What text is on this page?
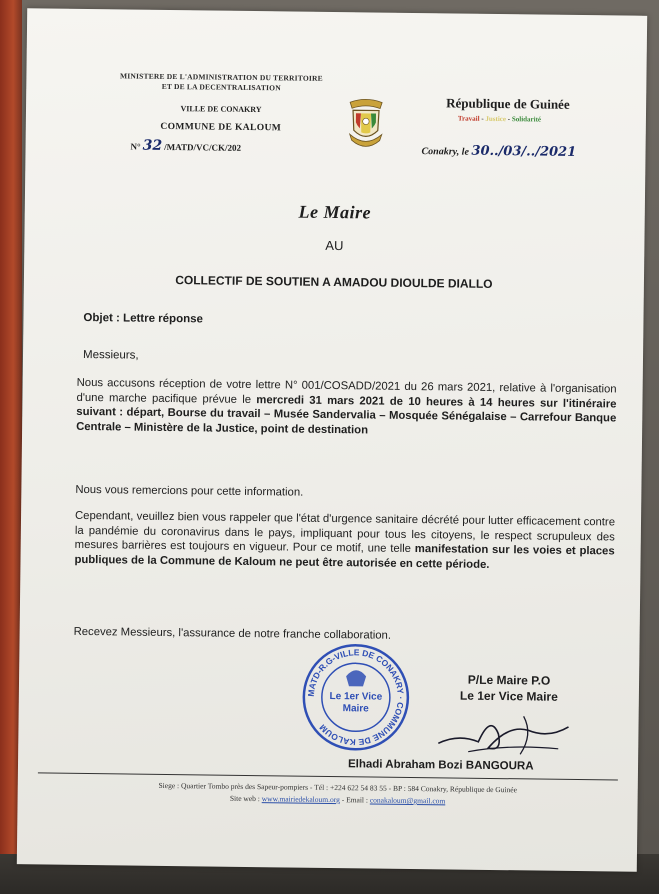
MINISTERE DE L'ADMINISTRATION DU TERRITOIRE
ET DE LA DECENTRALISATION
VILLE DE CONAKRY
COMMUNE DE KALOUM
N° 32 /MATD/VC/CK/202
République de Guinée
Travail - Justice - Solidarité
Conakry, le 30../03/../2021
Le Maire
AU
COLLECTIF DE SOUTIEN A AMADOU DIOULDE DIALLO
Objet : Lettre réponse
Messieurs,
Nous accusons réception de votre lettre N° 001/COSADD/2021 du 26 mars 2021, relative à l'organisation d'une marche pacifique prévue le mercredi 31 mars 2021 de 10 heures à 14 heures sur l'itinéraire suivant : départ, Bourse du travail – Musée Sandervalia – Mosquée Sénégalaise – Carrefour Banque Centrale – Ministère de la Justice, point de destination
Nous vous remercions pour cette information.
Cependant, veuillez bien vous rappeler que l'état d'urgence sanitaire décrété pour lutter efficacement contre la pandémie du coronavirus dans le pays, impliquant pour tous les citoyens, le respect scrupuleux des mesures barrières est toujours en vigueur. Pour ce motif, une telle manifestation sur les voies et places publiques de la Commune de Kaloum ne peut être autorisée en cette période.
Recevez Messieurs, l'assurance de notre franche collaboration.
MATD-R.G-VILLE DE CONAKRY · COMMUNE DE KALOUM
Le 1er Vice
Maire
P/Le Maire P.O
Le 1er Vice Maire
Elhadi Abraham Bozi BANGOURA
Siege : Quartier Tombo près des Sapeur-pompiers - Tél : +224 622 54 83 55 - BP : 584 Conakry, République de Guinée
Site web : www.mairiedekaloum.org - Email : conakaloum@gmail.com
